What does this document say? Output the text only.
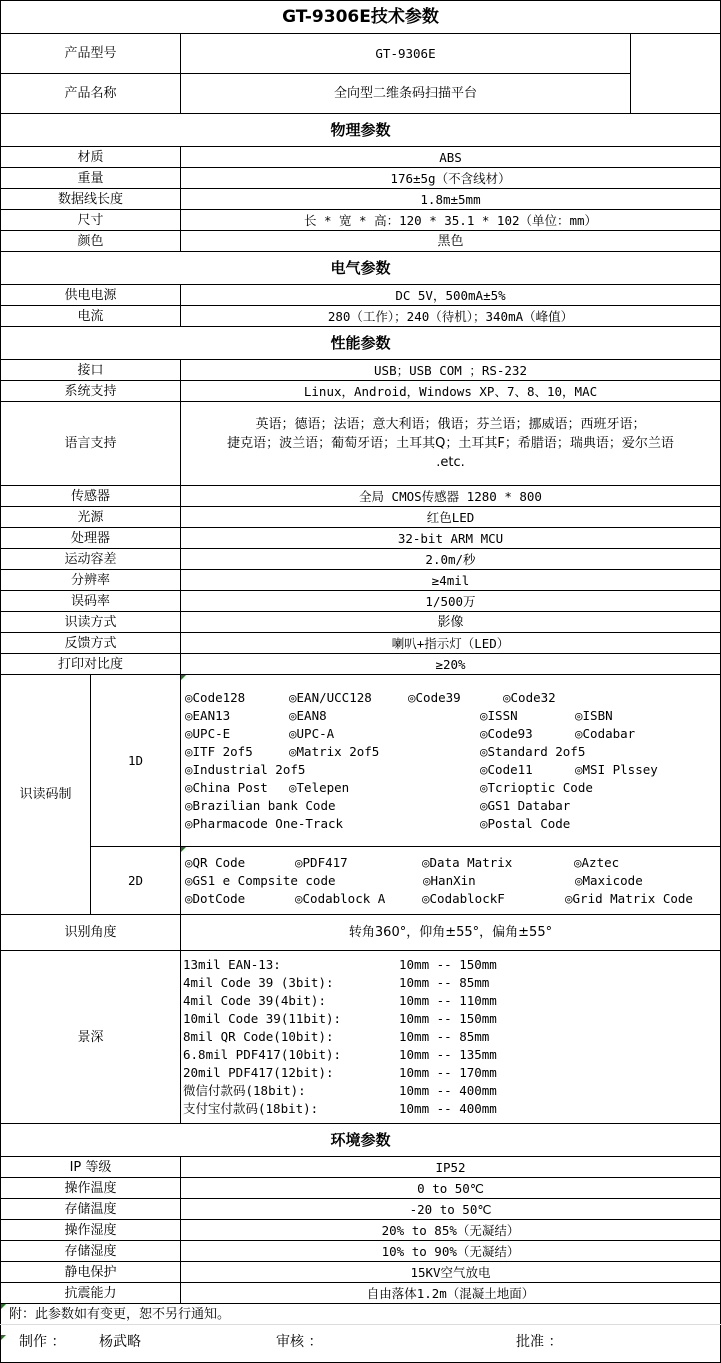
GT-9306E技术参数			
产品型号		GT-9306E	
产品名称		全向型二维条码扫描平台	
物理参数			
材质		ABS	
重量		176±5g（不含线材）	
数据线长度		1.8m±5mm	
尺寸		长 * 宽 * 高：120 * 35.1 * 102（单位：mm）	
颜色		黑色	
电气参数			
供电电源		DC 5V，500mA±5%	
电流		280（工作）；240（待机）；340mA（峰值）	
性能参数			
接口		USB；USB COM ；RS-232	
系统支持		Linux，Android，Windows XP、7、8、10，MAC	
语言支持		英语；德语；法语；意大利语；俄语；芬兰语；挪威语；西班牙语；
捷克语；波兰语；葡萄牙语；土耳其Q；土耳其F；希腊语；瑞典语；爱尔兰语
.etc.	

传感器		全局 CMOS传感器 1280 * 800	
光源		红色LED	
处理器		32-bit ARM MCU	
运动容差		2.0m/秒	
分辨率		≥4mil	
误码率		1/500万	
识读方式		影像	
反馈方式		喇叭+指示灯（LED）	
打印对比度		≥20%	
识读码制	1D	
◎Code128	◎EAN/UCC128	◎Code39	◎Code32
◎EAN13	◎EAN8	◎ISSN	◎ISBN
◎UPC-E	◎UPC-A	◎Code93	◎Codabar
◎ITF 2of5	◎Matrix 2of5	◎Standard 2of5
◎Industrial 2of5	◎Code11	◎MSI Plssey
◎China Post ◎Telepen	◎Tcrioptic Code
◎Brazilian bank Code	◎GS1 Databar
◎Pharmacode One-Track	◎Postal Code

2D	
◎QR Code	◎PDF417	◎Data Matrix	◎Aztec
◎GS1 e Compsite code	◎HanXin	◎Maxicode
◎DotCode	◎Codablock A	◎CodablockF	◎Grid Matrix Code

识别角度		转角360°，仰角±55°，偏角±55°	
景深	
13mil EAN-13:	10mm -- 150mm
4mil Code 39 (3bit):	10mm -- 85mm
4mil Code 39(4bit):	10mm -- 110mm
10mil Code 39(11bit):	10mm -- 150mm
8mil QR Code(10bit):	10mm -- 85mm
6.8mil PDF417(10bit):	10mm -- 135mm
20mil PDF417(12bit):	10mm -- 170mm
微信付款码(18bit):	10mm -- 400mm
支付宝付款码(18bit):	10mm -- 400mm

环境参数			
IP 等级		IP52	
操作温度		0 to 50℃	
存储温度		-20 to 50℃	
操作湿度		20% to 85%（无凝结）	
存储湿度		10% to 90%（无凝结）	
静电保护		15KV空气放电	
抗震能力		自由落体1.2m（混凝土地面）	

附：此参数如有变更，恕不另行通知。			

制作 ： 杨武略 审核 ： 批准 ：			
